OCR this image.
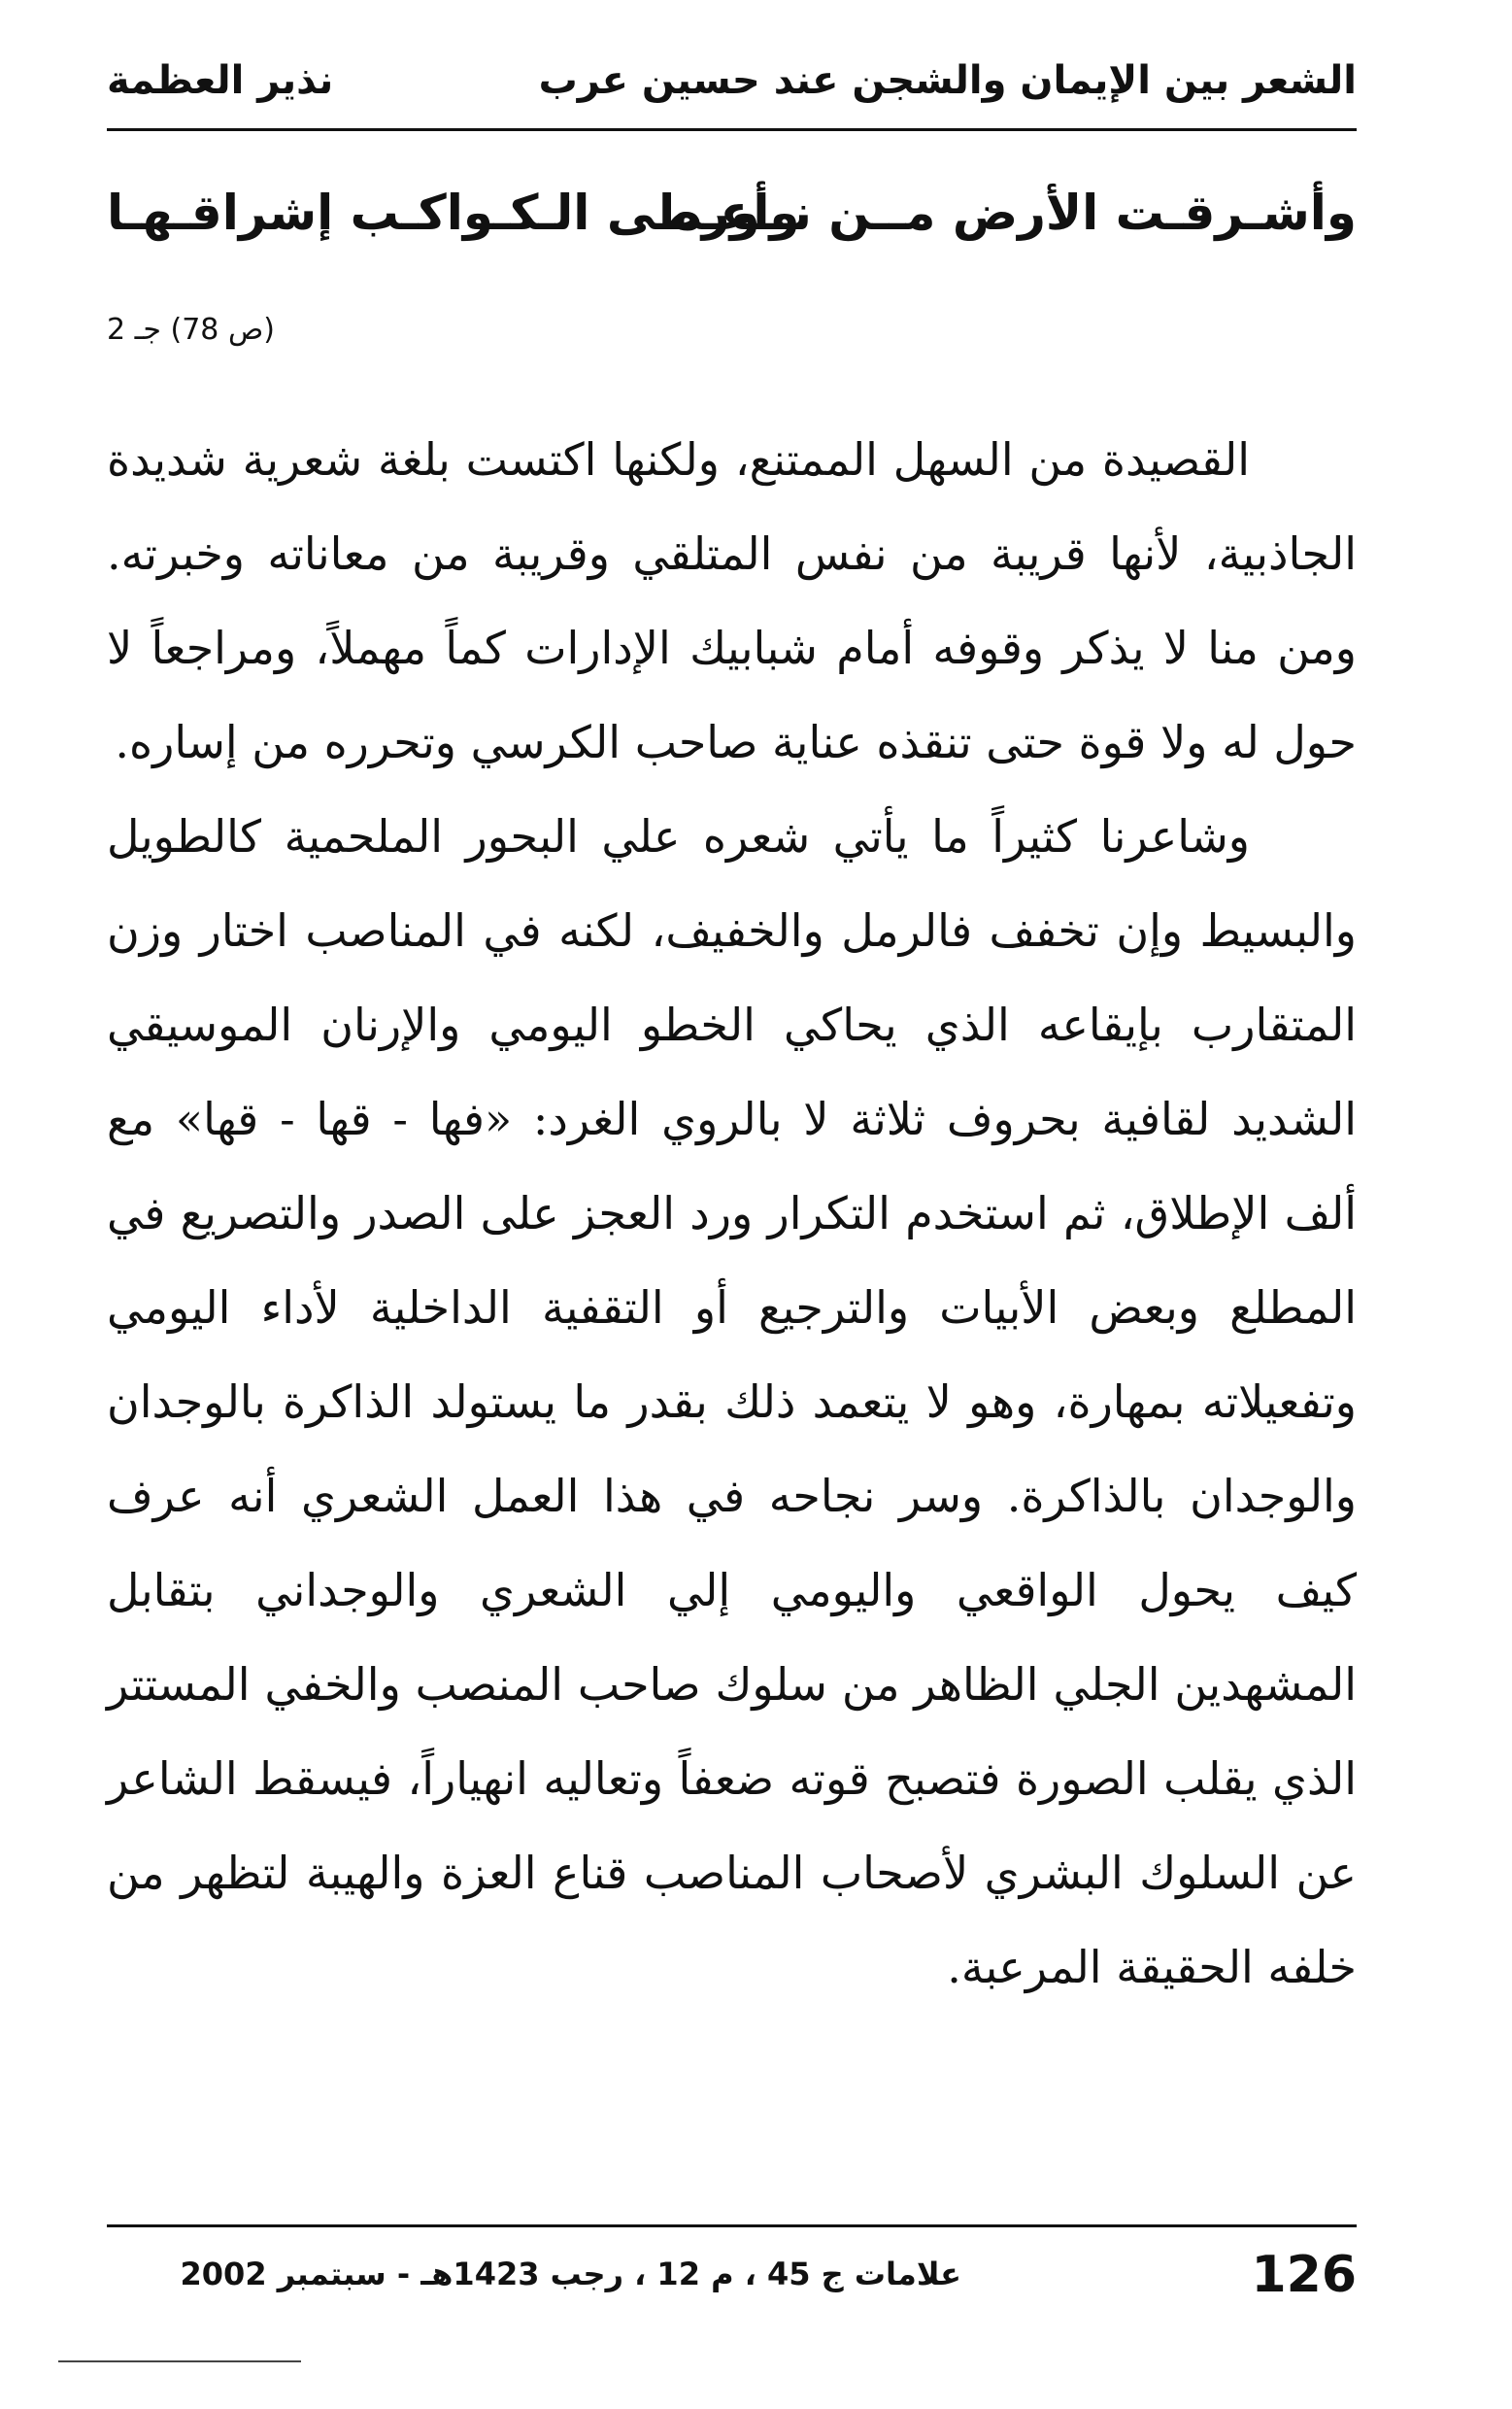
الشعر بين الإيمان والشجن عند حسين عرب
نذير العظمة
وأشـرقـت الأرض مــن نــوره
وأعـطى الـكـواكـب إشراقـهـا
(ص 78) جـ 2

القصيدة من السهل الممتنع، ولكنها اكتست بلغة شعرية شديدة الجاذبية، لأنها قريبة من نفس المتلقي وقريبة من معاناته وخبرته. ومن منا لا يذكر وقوفه أمام شبابيك الإدارات كماً مهملاً، ومراجعاً لا حول له ولا قوة حتى تنقذه عناية صاحب الكرسي وتحرره من إساره.

وشاعرنا كثيراً ما يأتي شعره علي البحور الملحمية كالطويل والبسيط وإن تخفف فالرمل والخفيف، لكنه في المناصب اختار وزن المتقارب بإيقاعه الذي يحاكي الخطو اليومي والإرنان الموسيقي الشديد لقافية بحروف ثلاثة لا بالروي الغرد: «فها - قها - قها» مع ألف الإطلاق، ثم استخدم التكرار ورد العجز على الصدر والتصريع في المطلع وبعض الأبيات والترجيع أو التقفية الداخلية لأداء اليومي وتفعيلاته بمهارة، وهو لا يتعمد ذلك بقدر ما يستولد الذاكرة بالوجدان والوجدان بالذاكرة. وسر نجاحه في هذا العمل الشعري أنه عرف كيف يحول الواقعي واليومي إلي الشعري والوجداني بتقابل المشهدين الجلي الظاهر من سلوك صاحب المنصب والخفي المستتر الذي يقلب الصورة فتصبح قوته ضعفاً وتعاليه انهياراً، فيسقط الشاعر عن السلوك البشري لأصحاب المناصب قناع العزة والهيبة لتظهر من خلفه الحقيقة المرعبة.

126
علامات ج 45 ، م 12 ، رجب 1423هـ - سبتمبر 2002
